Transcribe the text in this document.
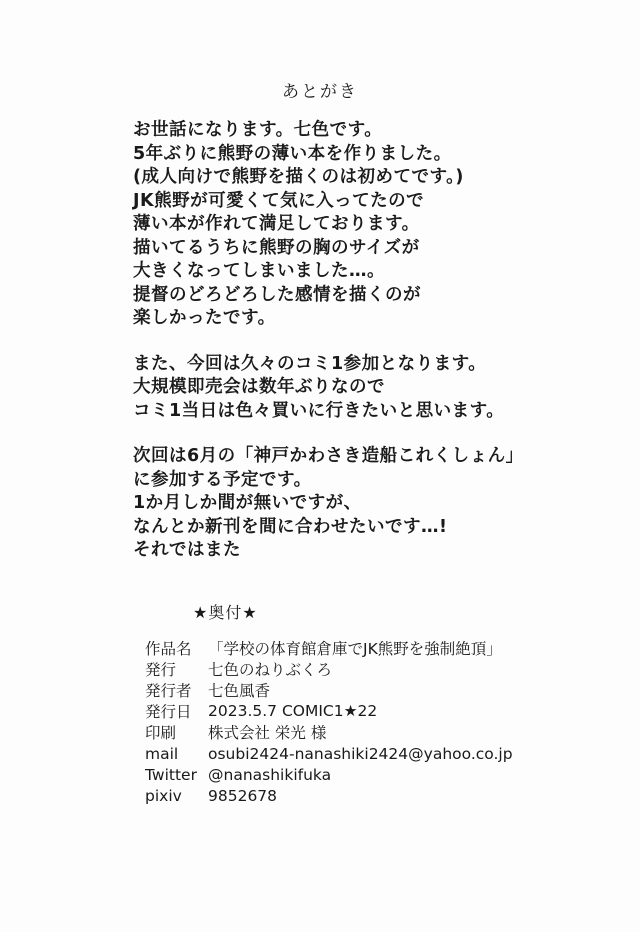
あとがき
お世話になります。七色です。
5年ぶりに熊野の薄い本を作りました。
(成人向けで熊野を描くのは初めてです。)
JK熊野が可愛くて気に入ってたので
薄い本が作れて満足しております。
描いてるうちに熊野の胸のサイズが
大きくなってしまいました…。
提督のどろどろした感情を描くのが
楽しかったです。
また、今回は久々のコミ1参加となります。
大規模即売会は数年ぶりなので
コミ1当日は色々買いに行きたいと思います。
次回は6月の「神戸かわさき造船これくしょん」
に参加する予定です。
1か月しか間が無いですが、
なんとか新刊を間に合わせたいです…!
それではまた
★奥付★
作品名	「学校の体育館倉庫でJK熊野を強制絶頂」
発行	七色のねりぶくろ
発行者	七色風香
発行日	2023.5.7 COMIC1★22
印刷	株式会社 栄光 様
mail	osubi2424-nanashiki2424@yahoo.co.jp
Twitter @nanashikifuka
pixiv	9852678
